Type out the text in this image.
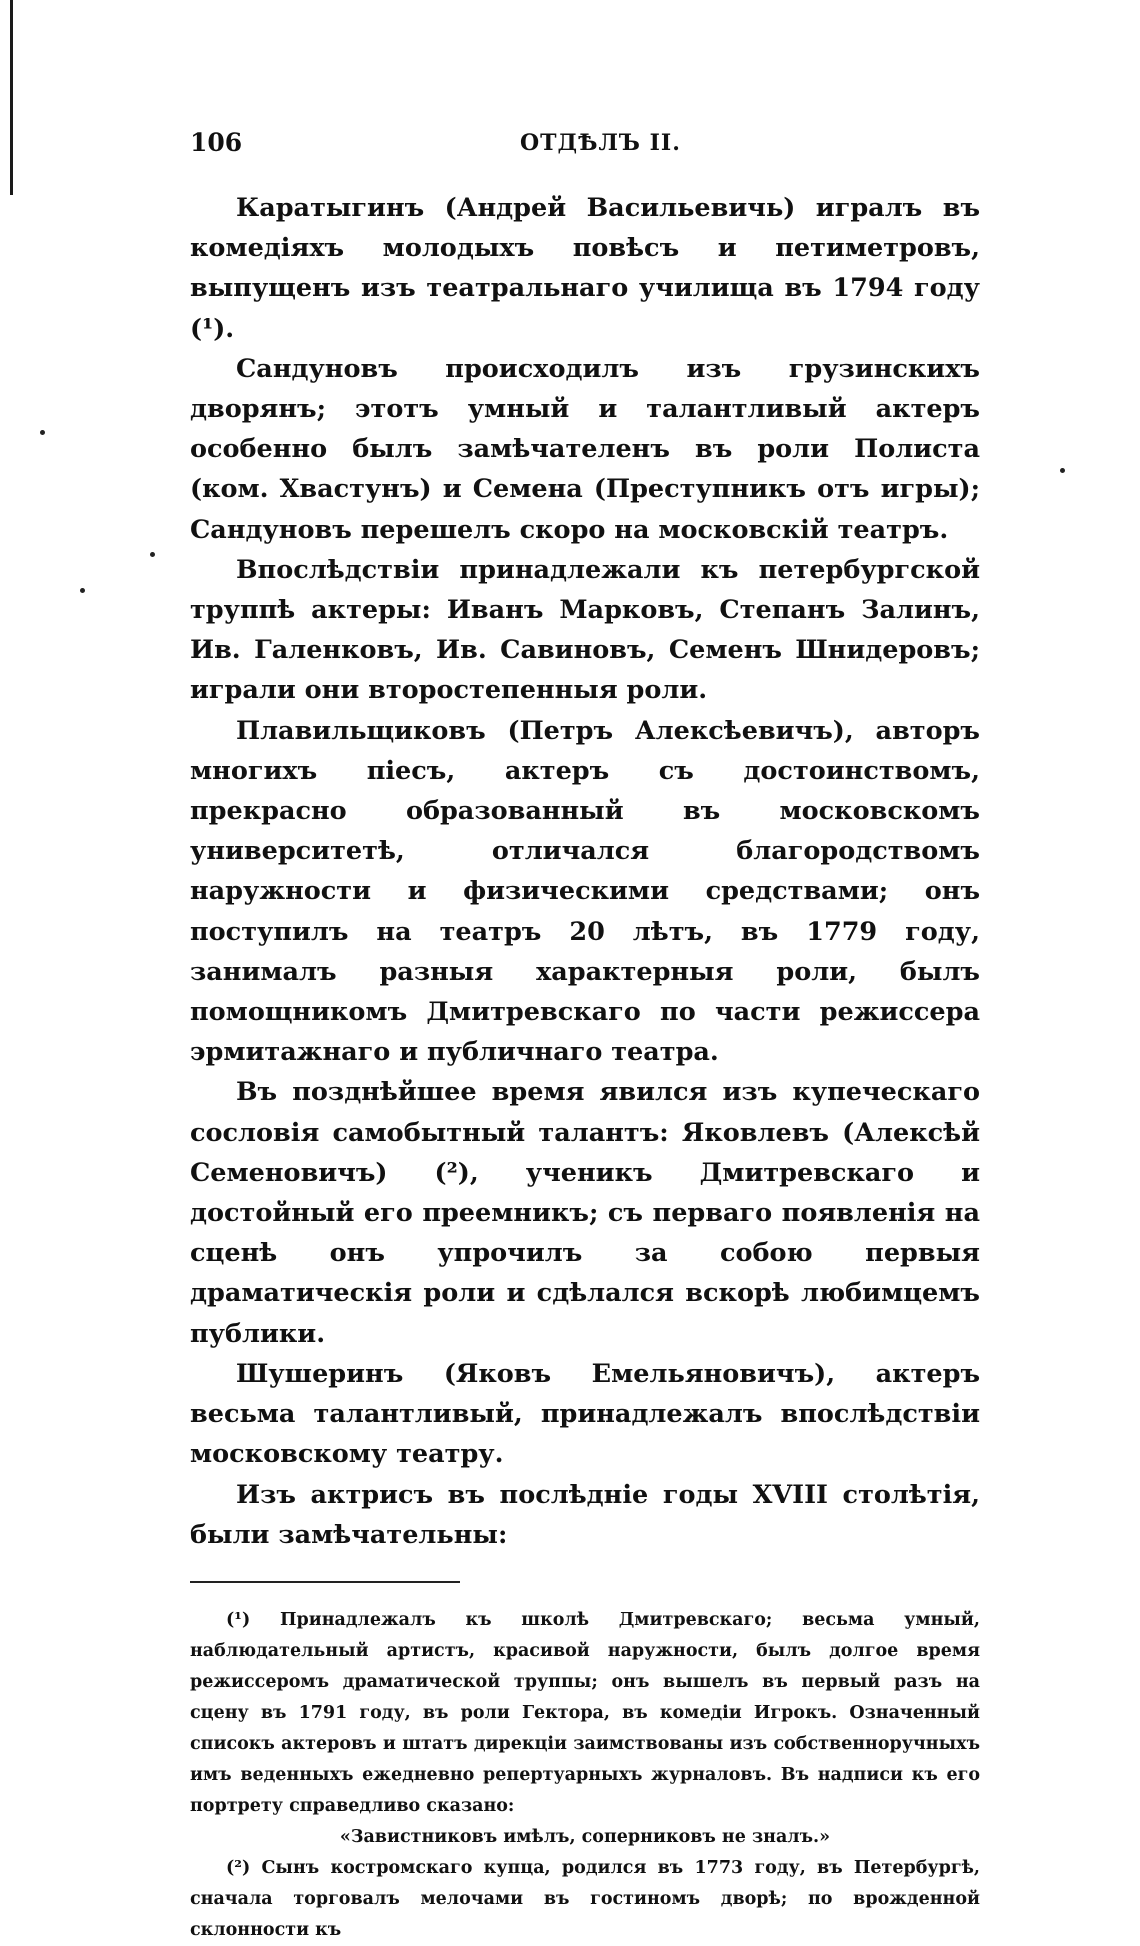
106	ОТДѢЛЪ II.

Каратыгинъ (Андрей Васильевичь) игралъ въ комедіяхъ молодыхъ повѣсъ и петиметровъ, выпущенъ изъ театральнаго училища въ 1794 году (¹).

Сандуновъ происходилъ изъ грузинскихъ дворянъ; этотъ умный и талантливый актеръ особенно былъ замѣчателенъ въ роли Полиста (ком. Хвастунъ) и Семена (Преступникъ отъ игры); Сандуновъ перешелъ скоро на московскій театръ.

Впослѣдствіи принадлежали къ петербургской труппѣ актеры: Иванъ Марковъ, Степанъ Залинъ, Ив. Галенковъ, Ив. Савиновъ, Семенъ Шнидеровъ; играли они второстепенныя роли.

Плавильщиковъ (Петръ Алексѣевичъ), авторъ многихъ піесъ, актеръ съ достоинствомъ, прекрасно образованный въ московскомъ университетѣ, отличался благородствомъ наружности и физическими средствами; онъ поступилъ на театръ 20 лѣтъ, въ 1779 году, занималъ разныя характерныя роли, былъ помощникомъ Дмитревскаго по части режиссера эрмитажнаго и публичнаго театра.

Въ позднѣйшее время явился изъ купеческаго сословія самобытный талантъ: Яковлевъ (Алексѣй Семеновичъ) (²), ученикъ Дмитревскаго и достойный его преемникъ; съ перваго появленія на сценѣ онъ упрочилъ за собою первыя драматическія роли и сдѣлался вскорѣ любимцемъ публики.

Шушеринъ (Яковъ Емельяновичъ), актеръ весьма талантливый, принадлежалъ впослѣдствіи московскому театру.

Изъ актрисъ въ послѣдніе годы XVIII столѣтія, были замѣчательны:

(¹) Принадлежалъ къ школѣ Дмитревскаго; весьма умный, наблюдательный артистъ, красивой наружности, былъ долгое время режиссеромъ драматической труппы; онъ вышелъ въ первый разъ на сцену въ 1791 году, въ роли Гектора, въ комедіи Игрокъ. Означенный списокъ актеровъ и штатъ дирекціи заимствованы изъ собственноручныхъ имъ веденныхъ ежедневно репертуарныхъ журналовъ. Въ надписи къ его портрету справедливо сказано:

«Завистниковъ имѣлъ, соперниковъ не зналъ.»

(²) Сынъ костромскаго купца, родился въ 1773 году, въ Петербургѣ, сначала торговалъ мелочами въ гостиномъ дворѣ; по врожденной склонности къ
